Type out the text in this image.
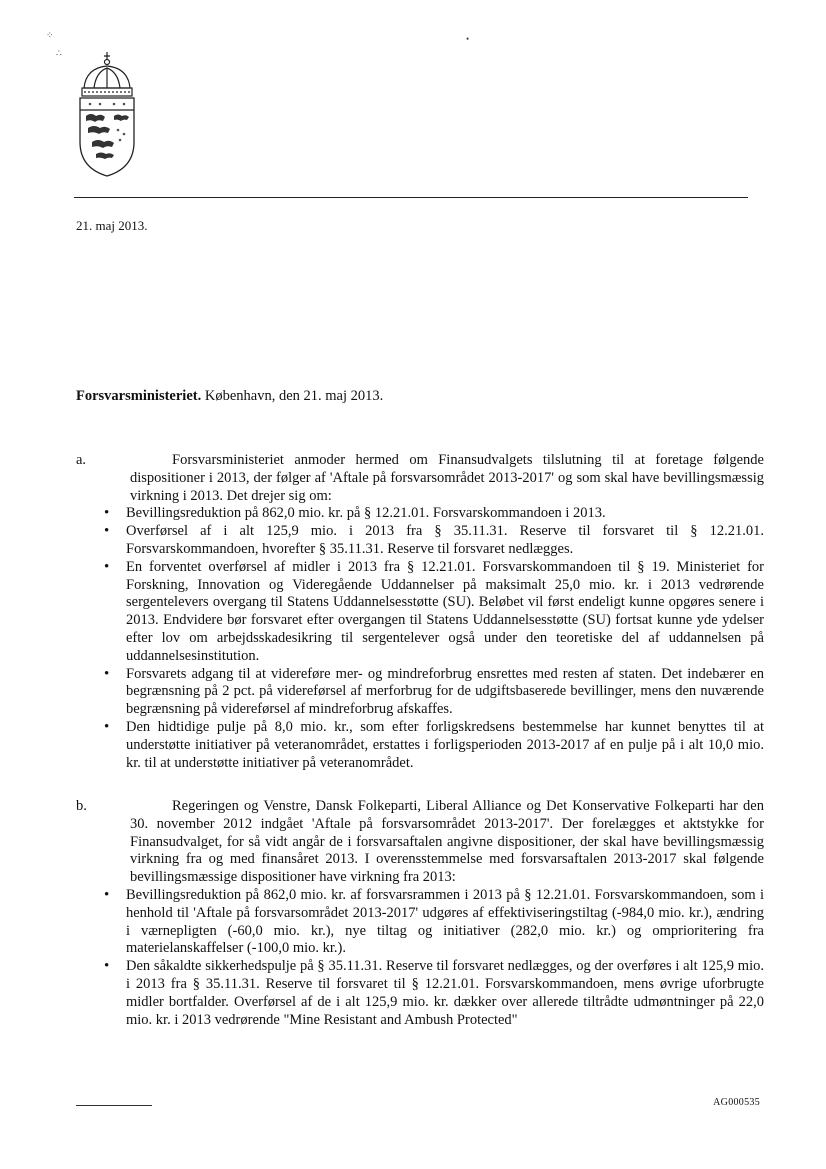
⁘
∴
•
21. maj 2013.
Forsvarsministeriet. København, den 21. maj 2013.
a.	Forsvarsministeriet anmoder hermed om Finansudvalgets tilslutning til at foretage følgende dispositioner i 2013, der følger af 'Aftale på forsvarsområdet 2013-2017' og som skal have bevillingsmæssig virkning i 2013. Det drejer sig om:

• Bevillingsreduktion på 862,0 mio. kr. på § 12.21.01. Forsvarskommandoen i 2013.
• Overførsel af i alt 125,9 mio. i 2013 fra § 35.11.31. Reserve til forsvaret til § 12.21.01. Forsvarskommandoen, hvorefter § 35.11.31. Reserve til forsvaret nedlægges.
• En forventet overførsel af midler i 2013 fra § 12.21.01. Forsvarskommandoen til § 19. Ministeriet for Forskning, Innovation og Videregående Uddannelser på maksimalt 25,0 mio. kr. i 2013 vedrørende sergentelevers overgang til Statens Uddannelsesstøtte (SU). Beløbet vil først endeligt kunne opgøres senere i 2013. Endvidere bør forsvaret efter overgangen til Statens Uddannelsesstøtte (SU) fortsat kunne yde ydelser efter lov om arbejdsskadesikring til sergentelever også under den teoretiske del af uddannelsen på uddannelsesinstitution.
• Forsvarets adgang til at videreføre mer- og mindreforbrug ensrettes med resten af staten. Det indebærer en begrænsning på 2 pct. på videreførsel af merforbrug for de udgiftsbaserede bevillinger, mens den nuværende begrænsning på videreførsel af mindreforbrug afskaffes.
• Den hidtidige pulje på 8,0 mio. kr., som efter forligskredsens bestemmelse har kunnet benyttes til at understøtte initiativer på veteranområdet, erstattes i forligsperioden 2013-2017 af en pulje på i alt 10,0 mio. kr. til at understøtte initiativer på veteranområdet.
b.	Regeringen og Venstre, Dansk Folkeparti, Liberal Alliance og Det Konservative Folkeparti har den 30. november 2012 indgået 'Aftale på forsvarsområdet 2013-2017'. Der forelægges et aktstykke for Finansudvalget, for så vidt angår de i forsvarsaftalen angivne dispositioner, der skal have bevillingsmæssig virkning fra og med finansåret 2013. I overensstemmelse med forsvarsaftalen 2013-2017 skal følgende bevillingsmæssige dispositioner have virkning fra 2013:

• Bevillingsreduktion på 862,0 mio. kr. af forsvarsrammen i 2013 på § 12.21.01. Forsvarskommandoen, som i henhold til 'Aftale på forsvarsområdet 2013-2017' udgøres af effektiviseringstiltag (-984,0 mio. kr.), ændring i værnepligten (-60,0 mio. kr.), nye tiltag og initiativer (282,0 mio. kr.) og omprioritering fra materielanskaffelser (-100,0 mio. kr.).
• Den såkaldte sikkerhedspulje på § 35.11.31. Reserve til forsvaret nedlægges, og der overføres i alt 125,9 mio. i 2013 fra § 35.11.31. Reserve til forsvaret til § 12.21.01. Forsvarskommandoen, mens øvrige uforbrugte midler bortfalder. Overførsel af de i alt 125,9 mio. kr. dækker over allerede tiltrådte udmøntninger på 22,0 mio. kr. i 2013 vedrørende "Mine Resistant and Ambush Protected"
AG000535
